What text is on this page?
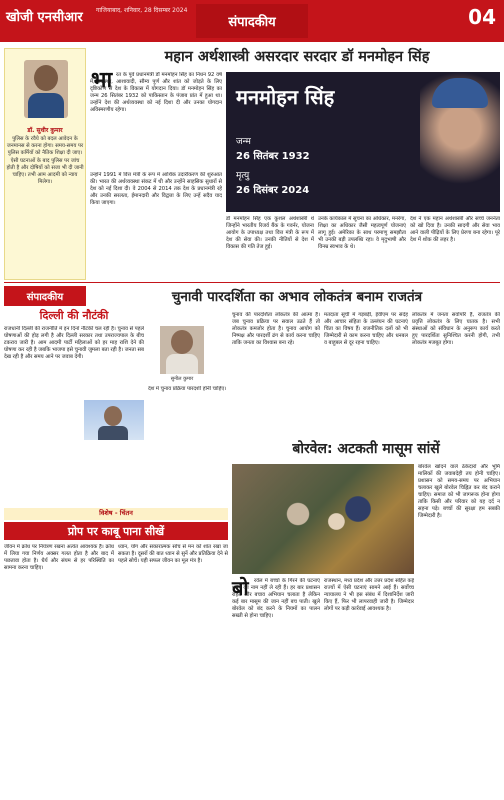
खोजी एनसीआर गाजियाबाद, शनिवार, 28 दिसम्बर 2024
संपादकीय	04
महान अर्थशास्त्री असरदार सरदार डॉ मनमोहन सिंह
डॉ. सुधीर कुमार
पुलिस के रवैये को बदल आवेदन के जनमानस से करना होगा। समय-समय पर पुलिस कर्मियों को नैतिक शिक्षा दी जाए। ऐसी घटनाओं के बाद पुलिस पर जांच होती है और दोषियों को सजा भी दी जानी चाहिए। तभी आम आदमी को न्याय मिलेगा।
भा रत के पूर्व प्रधानमंत्री डॉ मनमोहन सिंह का निधन 92 वर्ष में, स्वास्थ्य, आशावादी, सौम्य पूर्ण और शांत को जोड़ते के लिए दृष्टिकोण से देश के विकास में योगदान दिया। डॉ मनमोहन सिंह का जन्म 26 सितंबर 1932 को पाकिस्तान के पंजाब प्रांत में हुआ था। उन्होंने देश की अर्थव्यवस्था को नई दिशा दी और उनका योगदान अविस्मरणीय रहेगा।
उन्होंने 1991 में वित्त मंत्री के रूप में आर्थिक उदारीकरण की शुरुआत की। भारत की अर्थव्यवस्था संकट में थी और उन्होंने साहसिक सुधारों से देश को नई दिशा दी। वे 2004 से 2014 तक देश के प्रधानमंत्री रहे और उनकी सरलता, ईमानदारी और विद्वत्ता के लिए उन्हें सदैव याद किया जाएगा।
मनमोहन सिंह
जन्म
26 सितंबर 1932
मृत्यु
26 दिसंबर 2024
डॉ मनमोहन सिंह एक कुशल अर्थशास्त्री थे जिन्होंने भारतीय रिजर्व बैंक के गवर्नर, योजना आयोग के उपाध्यक्ष तथा वित्त मंत्री के रूप में देश की सेवा की। उनकी नीतियों से देश में विकास की गति तेज हुई।
उनके कार्यकाल में सूचना का अधिकार, मनरेगा, शिक्षा का अधिकार जैसी महत्वपूर्ण योजनाएं लागू हुई। अमेरिका के साथ परमाणु समझौता भी उनकी बड़ी उपलब्धि रहा। वे मृदुभाषी और विनम्र स्वभाव के थे।
देश ने एक महान अर्थशास्त्री और सच्चे जननेता को खो दिया है। उनकी सादगी और सेवा भाव आने वाली पीढ़ियों के लिए प्रेरणा बना रहेगा। पूरे देश में शोक की लहर है।
संपादकीय	चुनावी पारदर्शिता का अभाव लोकतंत्र बनाम राजतंत्र
दिल्ली की नौटंकी
राजधानी दिल्ली की राजनीति में इन दिनों नौटंकी चल रही है। चुनाव से पहले घोषणाओं की होड़ लगी है और दिल्ली सरकार तथा उपराज्यपाल के बीच टकराव जारी है। आम आदमी पार्टी महिलाओं को हर माह राशि देने की घोषणा कर रही है जबकि भाजपा इसे चुनावी जुमला बता रही है। जनता सब देख रही है और समय आने पर जवाब देगी।
सुनील कुमार
देश में चुनाव प्रक्रिया पारदर्शी होनी चाहिए।
चुनाव की पारदर्शिता लोकतंत्र की आत्मा है। जब चुनाव प्रक्रिया पर सवाल उठते हैं तो लोकतंत्र कमजोर होता है। चुनाव आयोग को निष्पक्ष और पारदर्शी ढंग से कार्य करना चाहिए ताकि जनता का विश्वास बना रहे।
मतदाता सूची में गड़बड़ी, ईवीएम पर संदेह और आचार संहिता के उल्लंघन की घटनाएं चिंता का विषय हैं। राजनीतिक दलों को भी जिम्मेदारी से काम करना चाहिए और धनबल व बाहुबल से दूर रहना चाहिए।
लोकतंत्र में जनता सर्वोपरि है, राजतंत्र की प्रवृत्ति लोकतंत्र के लिए घातक है। सभी संस्थाओं को संविधान के अनुरूप कार्य करते हुए पारदर्शिता सुनिश्चित करनी होगी, तभी लोकतंत्र मजबूत होगा।
बोरवेल: अटकती मासूम सांसें
बोरवेल खोदने वाले ठेकेदारों और भूमि मालिकों की जवाबदेही तय होनी चाहिए। प्रशासन को समय-समय पर अभियान चलाकर खुले बोरवेल चिह्नित कर बंद कराने चाहिए। समाज को भी जागरूक होना होगा ताकि किसी और परिवार को यह दर्द न सहना पड़े। बच्चों की सुरक्षा हम सबकी जिम्मेदारी है।
बो	रवेल में बच्चों के गिरने की घटनाएं थमने का नाम नहीं ले रही हैं। हर बार प्रशासन राहत और बचाव अभियान चलाता है लेकिन कई बार मासूम की जान नहीं बच पाती। खुले बोरवेल को बंद करने के नियमों का पालन सख्ती से होना चाहिए।
राजस्थान, मध्य प्रदेश और उत्तर प्रदेश सहित कई राज्यों में ऐसी घटनाएं सामने आई हैं। सर्वोच्च न्यायालय ने भी इस संबंध में दिशानिर्देश जारी किए हैं, फिर भी लापरवाही जारी है। जिम्मेदार लोगों पर कड़ी कार्रवाई आवश्यक है।
विशेष - चिंतन
प्रोप पर काबू पाना सीखें
जीवन में क्रोध पर नियंत्रण रखना अत्यंत आवश्यक है। क्रोध में लिया गया निर्णय अक्सर गलत होता है और बाद में पछतावा होता है। धैर्य और संयम से हर परिस्थिति का सामना करना चाहिए।
ध्यान, योग और सकारात्मक सोच से मन को शांत रखा जा सकता है। दूसरों की बात ध्यान से सुनें और प्रतिक्रिया देने से पहले सोचें। यही सफल जीवन का मूल मंत्र है।
